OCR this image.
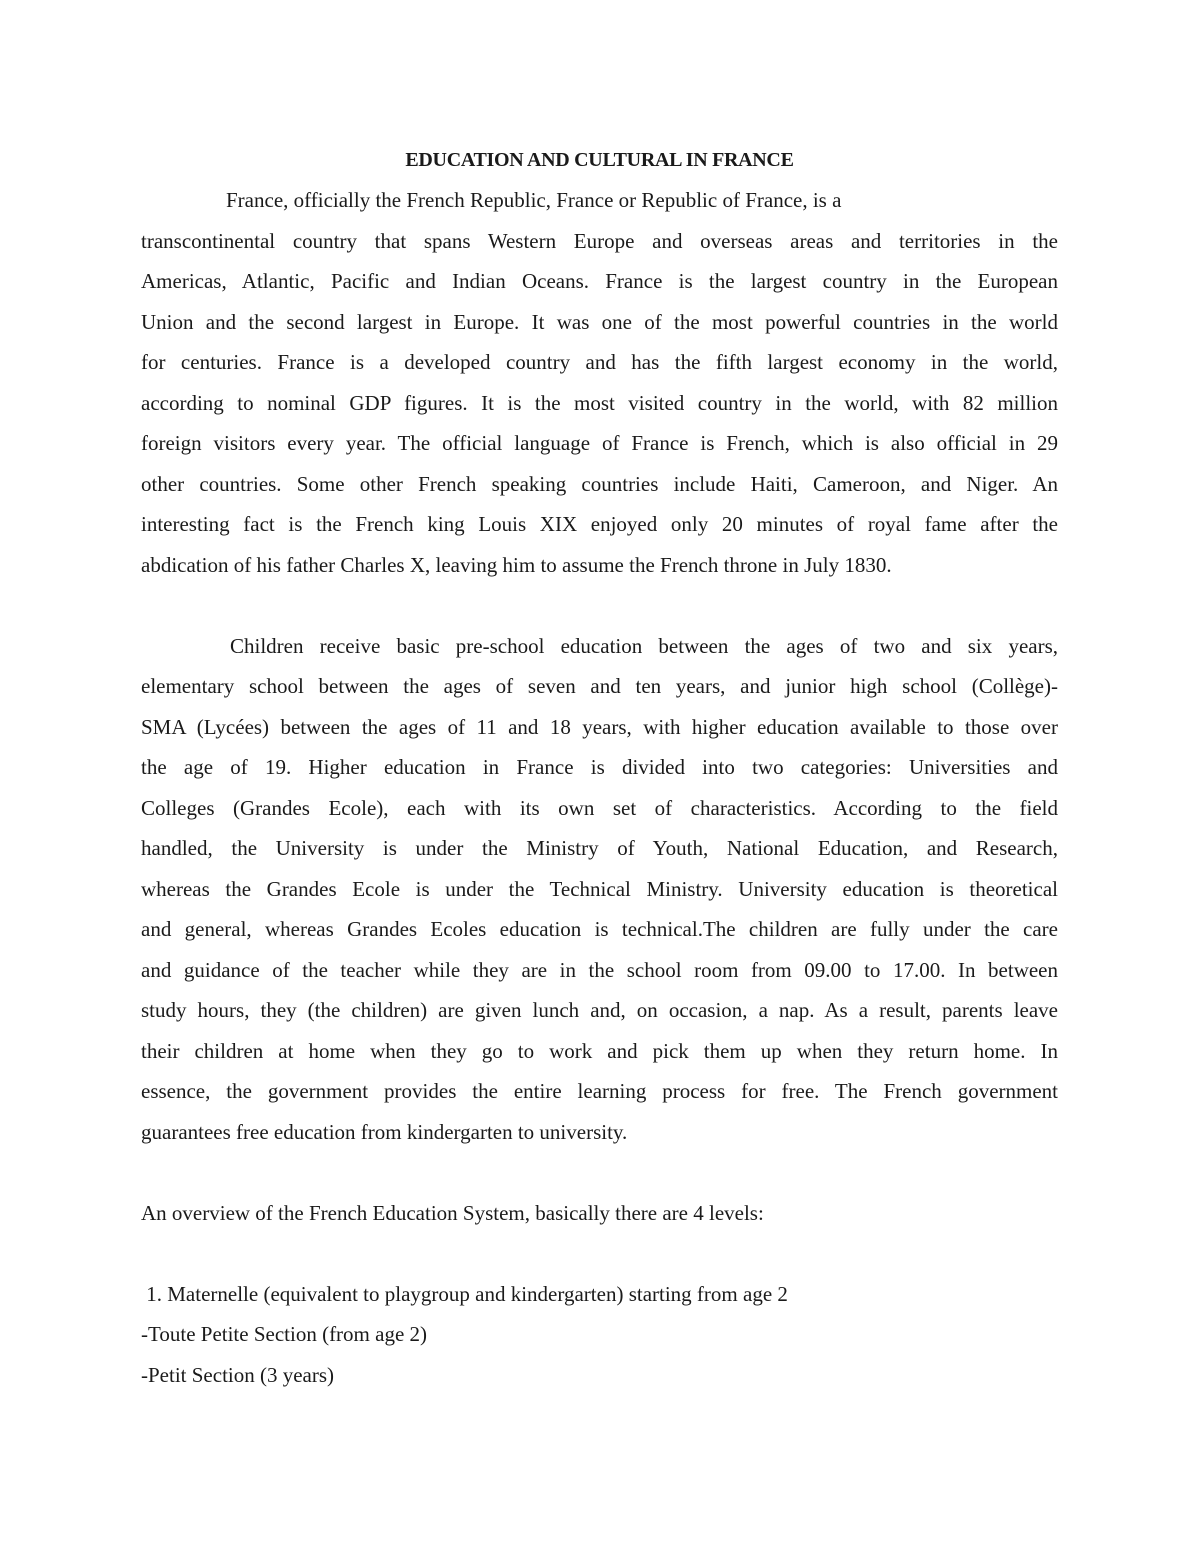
EDUCATION AND CULTURAL IN FRANCE
France, officially the French Republic, France or Republic of France, is a
transcontinental country that spans Western Europe and overseas areas and territories in the
Americas, Atlantic, Pacific and Indian Oceans. France is the largest country in the European
Union and the second largest in Europe. It was one of the most powerful countries in the world
for centuries. France is a developed country and has the fifth largest economy in the world,
according to nominal GDP figures. It is the most visited country in the world, with 82 million
foreign visitors every year. The official language of France is French, which is also official in 29
other countries. Some other French speaking countries include Haiti, Cameroon, and Niger. An
interesting fact is the French king Louis XIX enjoyed only 20 minutes of royal fame after the
abdication of his father Charles X, leaving him to assume the French throne in July 1830.
Children receive basic pre-school education between the ages of two and six years,
elementary school between the ages of seven and ten years, and junior high school (Collège)-
SMA (Lycées) between the ages of 11 and 18 years, with higher education available to those over
the age of 19. Higher education in France is divided into two categories: Universities and
Colleges (Grandes Ecole), each with its own set of characteristics. According to the field
handled, the University is under the Ministry of Youth, National Education, and Research,
whereas the Grandes Ecole is under the Technical Ministry. University education is theoretical
and general, whereas Grandes Ecoles education is technical.The children are fully under the care
and guidance of the teacher while they are in the school room from 09.00 to 17.00. In between
study hours, they (the children) are given lunch and, on occasion, a nap. As a result, parents leave
their children at home when they go to work and pick them up when they return home. In
essence, the government provides the entire learning process for free. The French government
guarantees free education from kindergarten to university.
An overview of the French Education System, basically there are 4 levels:
1. Maternelle (equivalent to playgroup and kindergarten) starting from age 2
-Toute Petite Section (from age 2)
-Petit Section (3 years)
